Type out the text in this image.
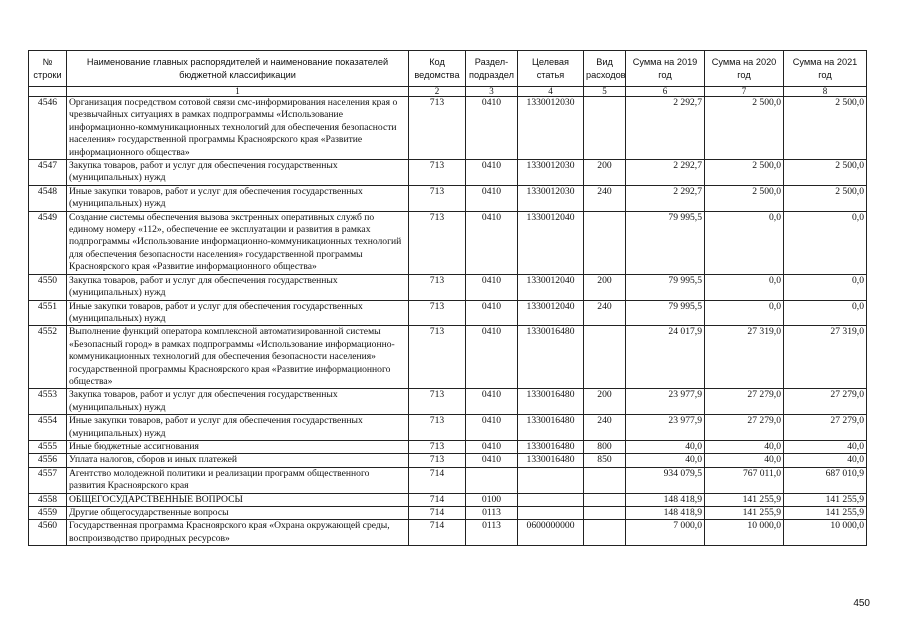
№ строки	Наименование главных распорядителей и наименование показателей бюджетной классификации	Код ведомства	Раздел-подраздел	Целевая статья	Вид расходов	Сумма на 2019 год	Сумма на 2020 год	Сумма на 2021 год
	1	2	3	4	5	6	7	8
4546	Организация посредством сотовой связи смс-информирования населения края о чрезвычайных ситуациях в рамках подпрограммы «Использование информационно-коммуникационных технологий для обеспечения безопасности населения» государственной программы Красноярского края «Развитие информационного общества»	713	0410	1330012030		2 292,7	2 500,0	2 500,0
4547	Закупка товаров, работ и услуг для обеспечения государственных (муниципальных) нужд	713	0410	1330012030	200	2 292,7	2 500,0	2 500,0
4548	Иные закупки товаров, работ и услуг для обеспечения государственных (муниципальных) нужд	713	0410	1330012030	240	2 292,7	2 500,0	2 500,0
4549	Создание системы обеспечения вызова экстренных оперативных служб по единому номеру «112», обеспечение ее эксплуатации и развития в рамках подпрограммы «Использование информационно-коммуникационных технологий для обеспечения безопасности населения» государственной программы Красноярского края «Развитие информационного общества»	713	0410	1330012040		79 995,5	0,0	0,0
4550	Закупка товаров, работ и услуг для обеспечения государственных (муниципальных) нужд	713	0410	1330012040	200	79 995,5	0,0	0,0
4551	Иные закупки товаров, работ и услуг для обеспечения государственных (муниципальных) нужд	713	0410	1330012040	240	79 995,5	0,0	0,0
4552	Выполнение функций оператора комплексной автоматизированной системы «Безопасный город» в рамках подпрограммы «Использование информационно-коммуникационных технологий для обеспечения безопасности населения» государственной программы Красноярского края «Развитие информационного общества»	713	0410	1330016480		24 017,9	27 319,0	27 319,0
4553	Закупка товаров, работ и услуг для обеспечения государственных (муниципальных) нужд	713	0410	1330016480	200	23 977,9	27 279,0	27 279,0
4554	Иные закупки товаров, работ и услуг для обеспечения государственных (муниципальных) нужд	713	0410	1330016480	240	23 977,9	27 279,0	27 279,0
4555	Иные бюджетные ассигнования	713	0410	1330016480	800	40,0	40,0	40,0
4556	Уплата налогов, сборов и иных платежей	713	0410	1330016480	850	40,0	40,0	40,0
4557	Агентство молодежной политики и реализации программ общественного развития Красноярского края	714				934 079,5	767 011,0	687 010,9
4558	ОБЩЕГОСУДАРСТВЕННЫЕ ВОПРОСЫ	714	0100			148 418,9	141 255,9	141 255,9
4559	Другие общегосударственные вопросы	714	0113			148 418,9	141 255,9	141 255,9
4560	Государственная программа Красноярского края «Охрана окружающей среды, воспроизводство природных ресурсов»	714	0113	0600000000		7 000,0	10 000,0	10 000,0
450
